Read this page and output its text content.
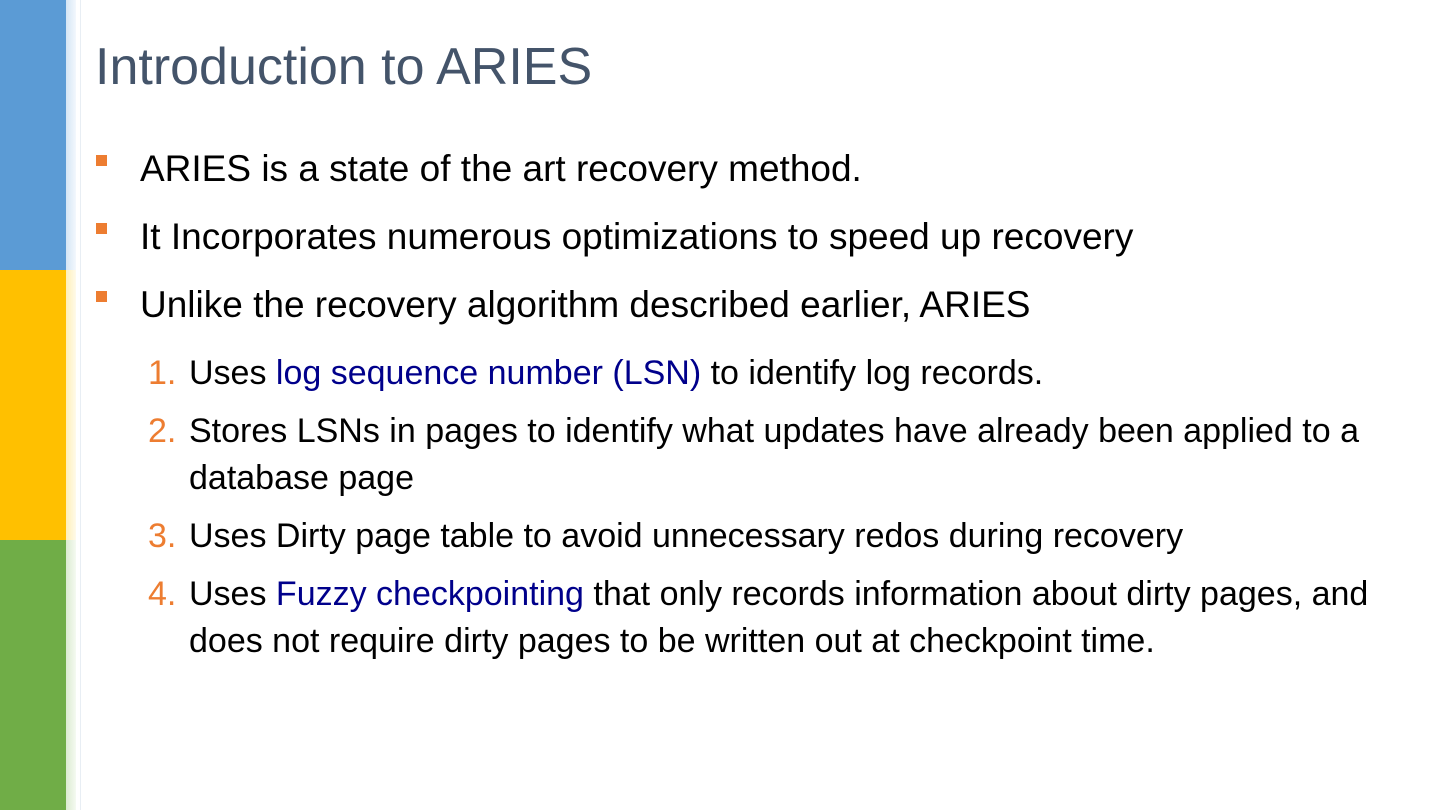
Introduction to ARIES
ARIES is a state of the art recovery method.
It Incorporates numerous optimizations to speed up recovery
Unlike the recovery algorithm described earlier, ARIES
1. Uses log sequence number (LSN) to identify log records.
2. Stores LSNs in pages to identify what updates have already been applied to a database page
3. Uses Dirty page table to avoid unnecessary redos during recovery
4. Uses Fuzzy checkpointing that only records information about dirty pages, and does not require dirty pages to be written out at checkpoint time.
